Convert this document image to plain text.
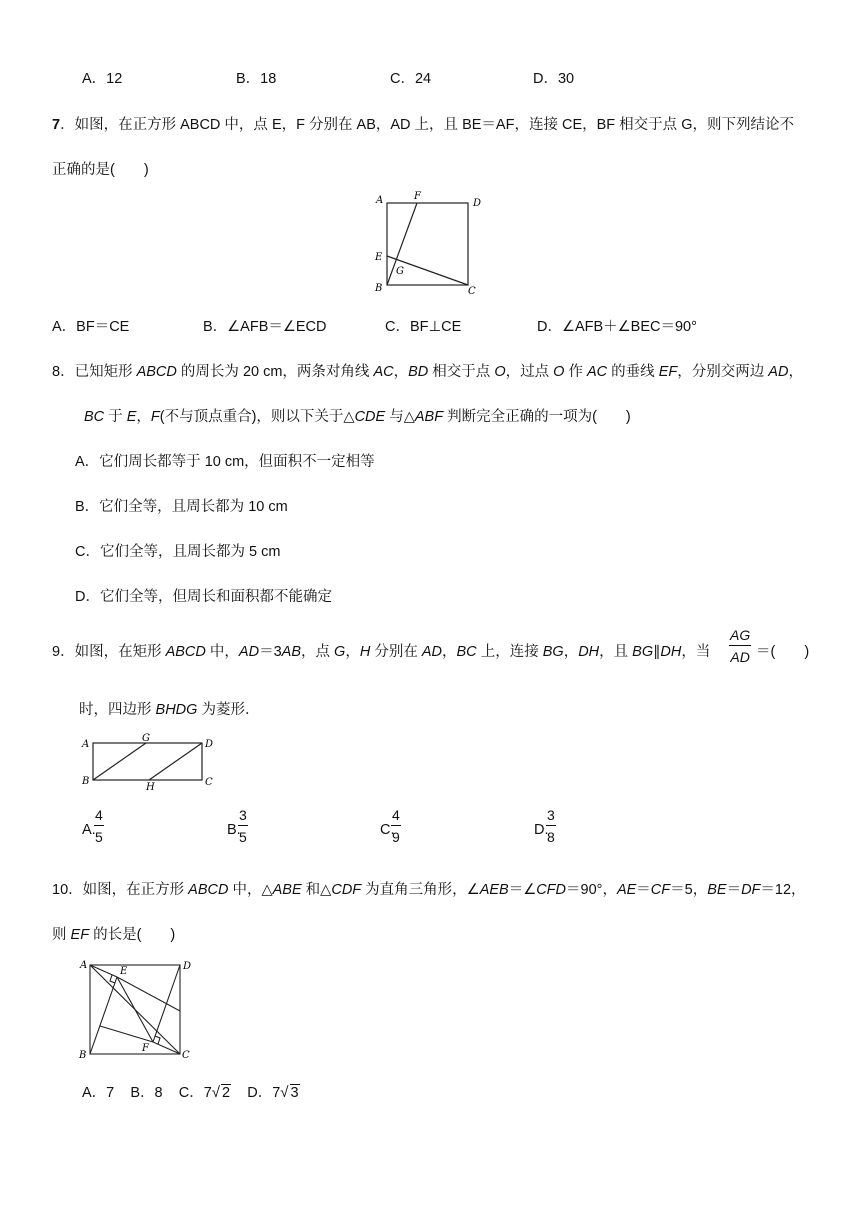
A．12	B．18	C．24	D．30
7．如图，在正方形 ABCD 中，点 E，F 分别在 AB，AD 上，且 BE＝AF，连接 CE，BF 相交于点 G，则下列结论不
正确的是(　　)
A	F
D
E
G
B	C
A．BF＝CE	B．∠AFB＝∠ECD	C．BF⊥CE	D．∠AFB＋∠BEC＝90°
8．已知矩形 ABCD 的周长为 20 cm，两条对角线 AC，BD 相交于点 O，过点 O 作 AC 的垂线 EF，分别交两边 AD，
BC 于 E，F(不与顶点重合)，则以下关于△CDE 与△ABF 判断完全正确的一项为(　　)
A．它们周长都等于 10 cm，但面积不一定相等
B．它们全等，且周长都为 10 cm
C．它们全等，且周长都为 5 cm
D．它们全等，但周长和面积都不能确定
9．如图，在矩形 ABCD 中，AD＝3AB，点 G，H 分别在 AD，BC 上，连接 BG，DH，且 BG∥DH，当 $\frac{AG}{AD}$ ＝(　　)
时，四边形 BHDG 为菱形．
A
G
D
B
H	C
A.
$\frac{4}{5}$	B.
$\frac{3}{5}$	C.
$\frac{4}{9}$	D.
$\frac{3}{8}$
10．如图，在正方形 ABCD 中，△ABE 和△CDF 为直角三角形，∠AEB＝∠CFD＝90°，AE＝CF＝5，BE＝DF＝12，
则 EF 的长是(　　)
A
E	D
B
F
C
A．7 B．8 C．7√ 2 D．7√ 3
